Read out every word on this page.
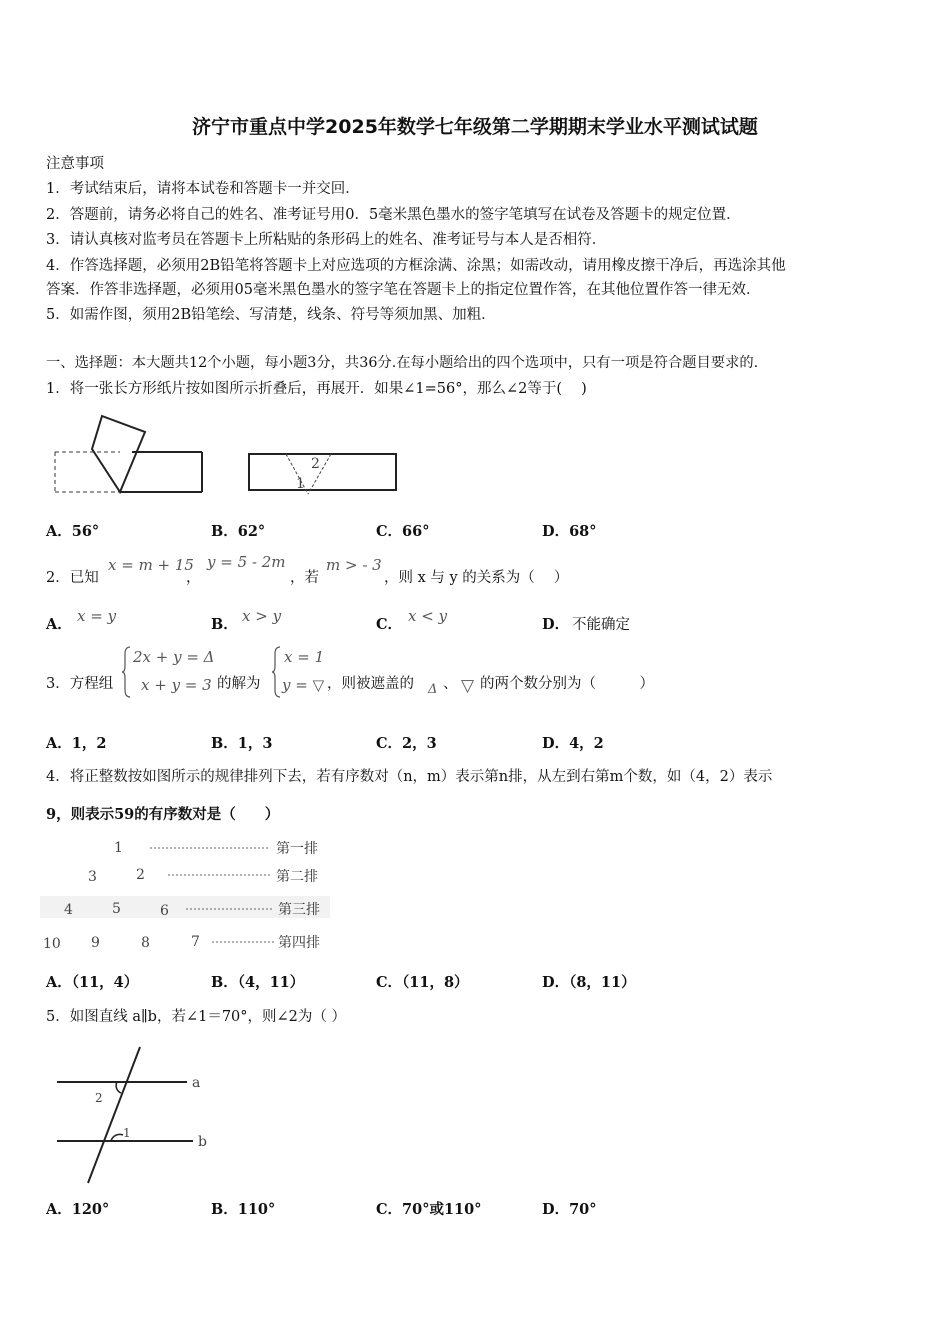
济宁市重点中学2025年数学七年级第二学期期末学业水平测试试题
注意事项
1．考试结束后，请将本试卷和答题卡一并交回．
2．答题前，请务必将自己的姓名、准考证号用0．5毫米黑色墨水的签字笔填写在试卷及答题卡的规定位置．
3．请认真核对监考员在答题卡上所粘贴的条形码上的姓名、准考证号与本人是否相符．
4．作答选择题，必须用2B铅笔将答题卡上对应选项的方框涂满、涂黑；如需改动，请用橡皮擦干净后，再选涂其他
答案．作答非选择题，必须用05毫米黑色墨水的签字笔在答题卡上的指定位置作答，在其他位置作答一律无效．
5．如需作图，须用2B铅笔绘、写清楚，线条、符号等须加黑、加粗．
一、选择题：本大题共12个小题，每小题3分，共36分.在每小题给出的四个选项中，只有一项是符合题目要求的.
1．将一张长方形纸片按如图所示折叠后，再展开．如果∠1=56°，那么∠2等于(　 )
2
1
A．56°	B．62°	C．66°	D．68°
2．已知
x = m + 15
，
y = 5 - 2m
，若
m > - 3
，则 x 与 y 的关系为（　 ）
A． x = y	B． x > y	C． x < y	D． 不能确定
3．方程组
2x + y = Δ
x + y = 3 的解为
x = 1
y = ▽ ，则被遮盖的 Δ 、 ▽ 的两个数分别为（　　　）
A．1，2	B．1，3	C．2，3	D．4，2
4．将正整数按如图所示的规律排列下去，若有序数对（n，m）表示第n排，从左到右第m个数，如（4，2）表示
9，则表示59的有序数对是（　　）
1	第一排
3	2	第二排
4	5	6	第三排
10 9	8	7	第四排
A．（11，4）	B．（4，11）	C．（11，8）	D．（8，11）
5．如图直线 a∥b，若∠1＝70°，则∠2为（ ）
a
b
1
2
A．120°	B．110°	C．70°或110°	D．70°
